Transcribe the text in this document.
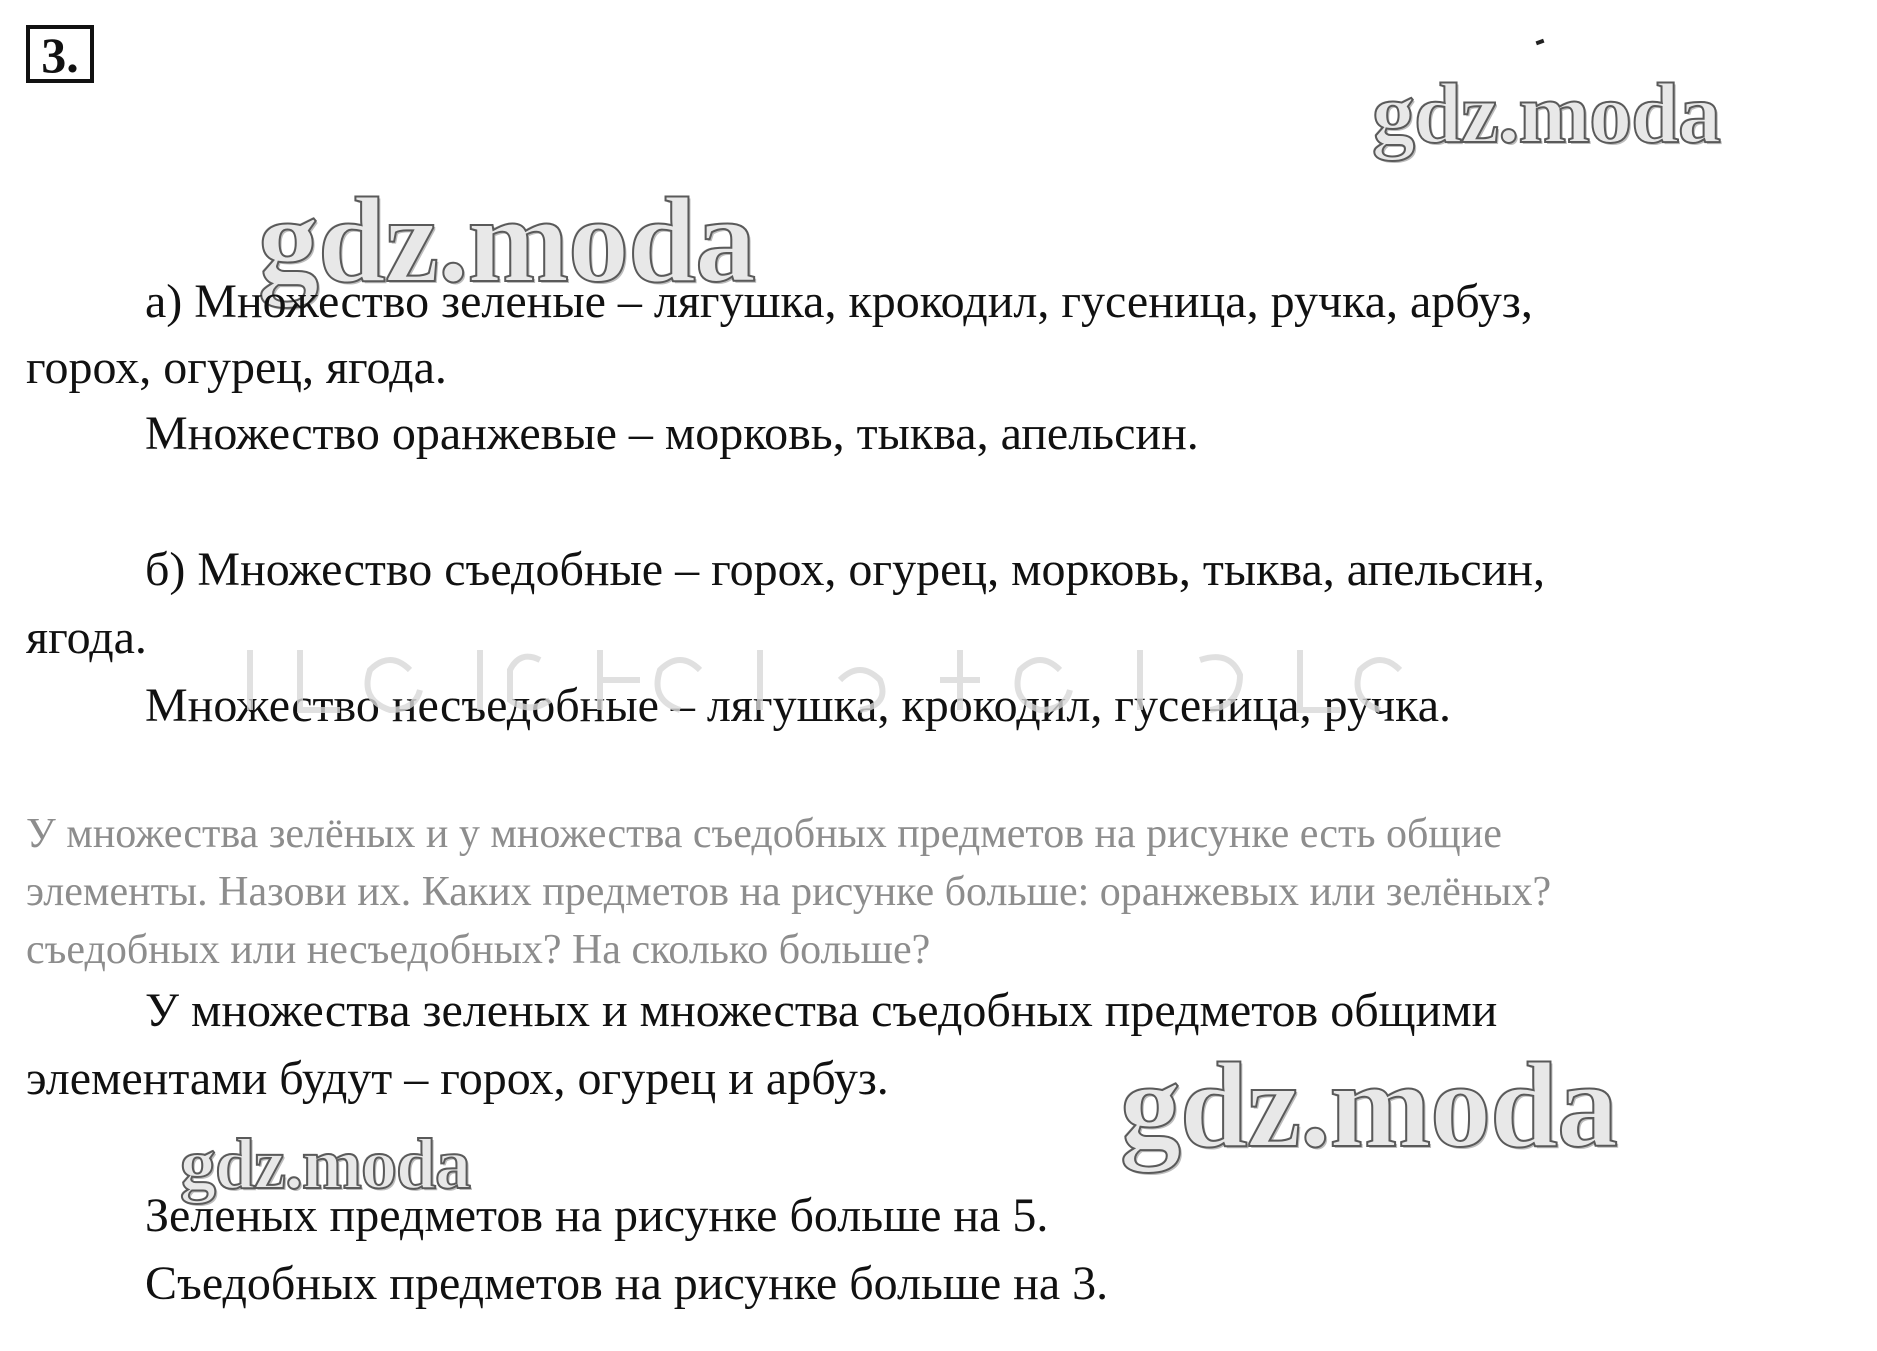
3.
gdz.moda
gdz.moda
а) Множество зеленые – лягушка, крокодил, гусеница, ручка, арбуз,
горох, огурец, ягода.
Множество оранжевые – морковь, тыква, апельсин.
б) Множество съедобные – горох, огурец, морковь, тыква, апельсин,
ягода.
Множество несъедобные – лягушка, крокодил, гусеница, ручка.
У множества зелёных и у множества съедобных предметов на рисунке есть общие
элементы. Назови их. Каких предметов на рисунке больше: оранжевых или зелёных?
съедобных или несъедобных? На сколько больше?
У множества зеленых и множества съедобных предметов общими
элементами будут – горох, огурец и арбуз. gdz.moda
gdz.moda
Зеленых предметов на рисунке больше на 5.
Съедобных предметов на рисунке больше на 3.
